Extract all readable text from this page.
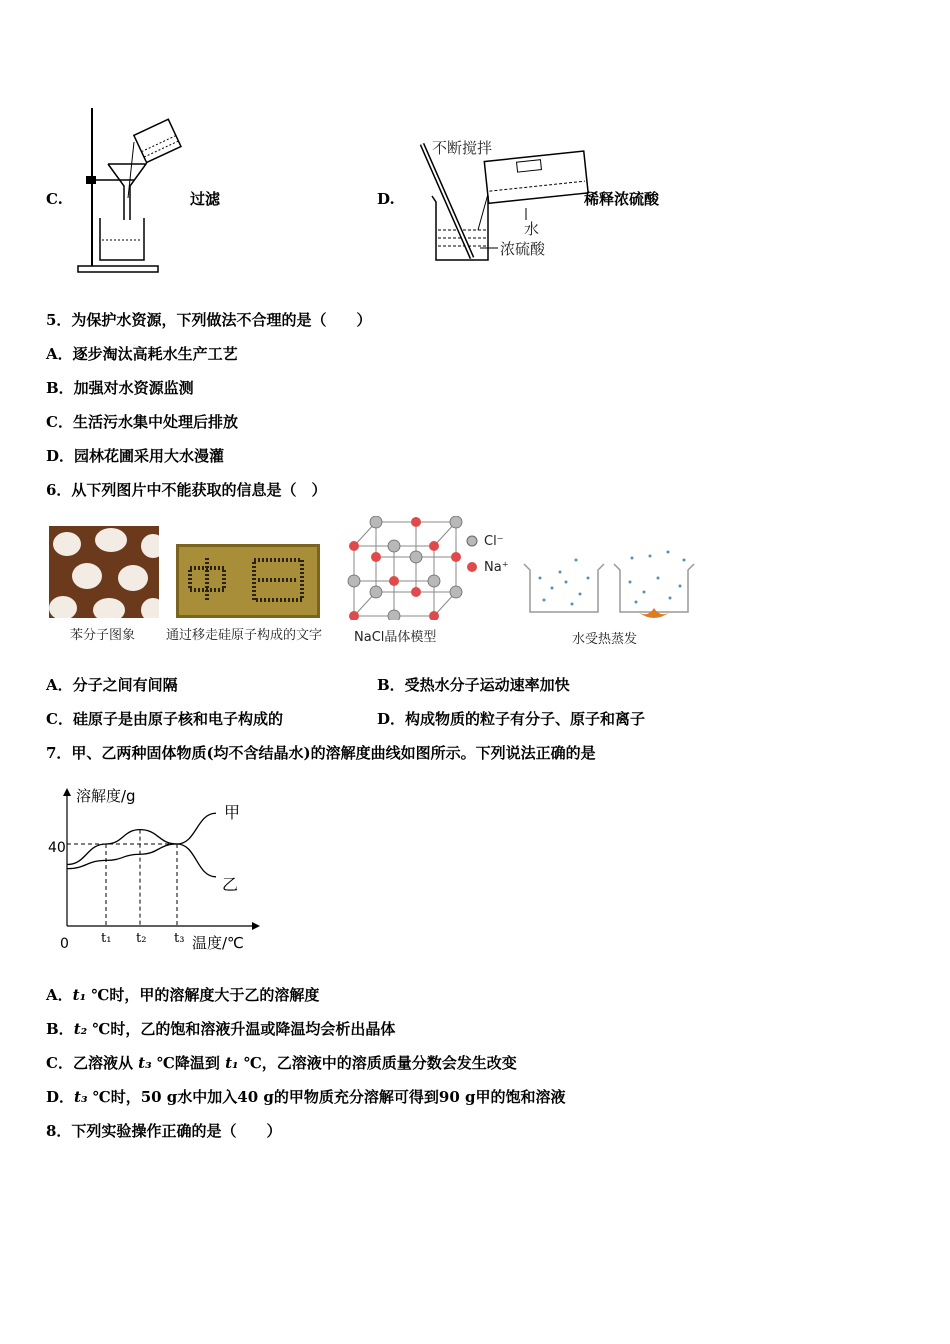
C.	过滤	D.
不断搅拌
水
浓硫酸
稀释浓硫酸
5．为保护水资源，下列做法不合理的是（　　）
A．逐步淘汰高耗水生产工艺
B．加强对水资源监测
C．生活污水集中处理后排放
D．园林花圃采用大水漫灌
6．从下列图片中不能获取的信息是（　）
苯分子图象 通过移走硅原子构成的文字
Cl⁻
Na⁺
NaCl晶体模型	水受热蒸发
A．分子之间有间隔	B．受热水分子运动速率加快
C．硅原子是由原子核和电子构成的	D．构成物质的粒子有分子、原子和离子
7．甲、乙两种固体物质(均不含结晶水)的溶解度曲线如图所示。下列说法正确的是
溶解度/g
40
0 t₁ t₂ t₃ 温度/℃
甲
乙
A．t₁ ℃时，甲的溶解度大于乙的溶解度
B．t₂ ℃时，乙的饱和溶液升温或降温均会析出晶体
C．乙溶液从 t₃ ℃降温到 t₁ ℃，乙溶液中的溶质质量分数会发生改变
D．t₃ ℃时，50 g水中加入40 g的甲物质充分溶解可得到90 g甲的饱和溶液
8．下列实验操作正确的是（　　）
